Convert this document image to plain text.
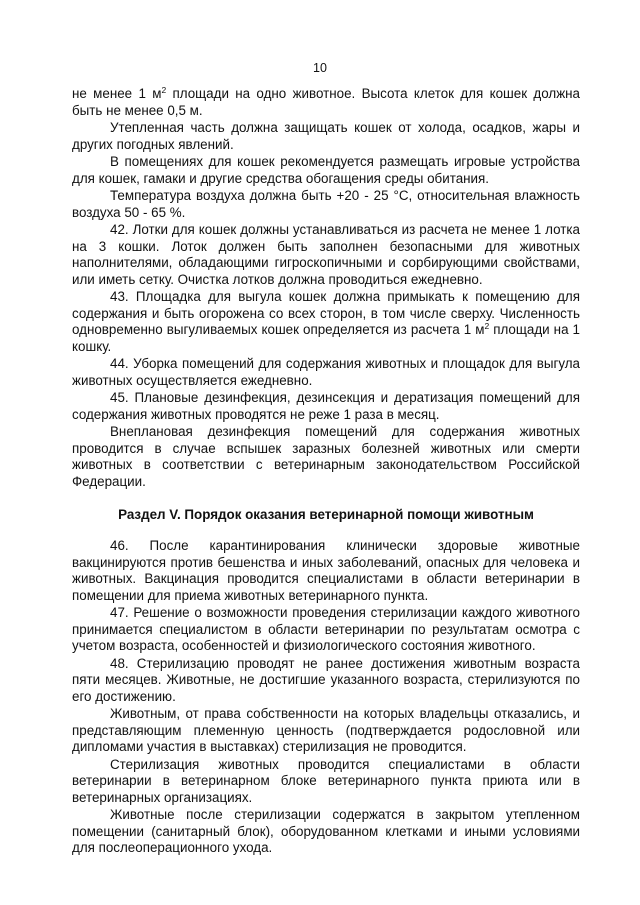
10

не менее 1 $м^2$ площади на одно животное. Высота клеток для кошек должна быть не менее 0,5 м.

Утепленная часть должна защищать кошек от холода, осадков, жары и других погодных явлений.

В помещениях для кошек рекомендуется размещать игровые устройства для кошек, гамаки и другие средства обогащения среды обитания.

Температура воздуха должна быть +20 - 25 °С, относительная влажность воздуха 50 - 65 %.

42. Лотки для кошек должны устанавливаться из расчета не менее 1 лотка на 3 кошки. Лоток должен быть заполнен безопасными для животных наполнителями, обладающими гигроскопичными и сорбирующими свойствами, или иметь сетку. Очистка лотков должна проводиться ежедневно.

43. Площадка для выгула кошек должна примыкать к помещению для содержания и быть огорожена со всех сторон, в том числе сверху. Численность одновременно выгуливаемых кошек определяется из расчета 1 $м^2$ площади на 1 кошку.

44. Уборка помещений для содержания животных и площадок для выгула животных осуществляется ежедневно.

45. Плановые дезинфекция, дезинсекция и дератизация помещений для содержания животных проводятся не реже 1 раза в месяц.

Внеплановая дезинфекция помещений для содержания животных проводится в случае вспышек заразных болезней животных или смерти животных в соответствии с ветеринарным законодательством Российской Федерации.

Раздел V. Порядок оказания ветеринарной помощи животным

46. После карантинирования клинически здоровые животные вакцинируются против бешенства и иных заболеваний, опасных для человека и животных. Вакцинация проводится специалистами в области ветеринарии в помещении для приема животных ветеринарного пункта.

47. Решение о возможности проведения стерилизации каждого животного принимается специалистом в области ветеринарии по результатам осмотра с учетом возраста, особенностей и физиологического состояния животного.

48. Стерилизацию проводят не ранее достижения животным возраста пяти месяцев. Животные, не достигшие указанного возраста, стерилизуются по его достижению.

Животным, от права собственности на которых владельцы отказались, и представляющим племенную ценность (подтверждается родословной или дипломами участия в выставках) стерилизация не проводится.

Стерилизация животных проводится специалистами в области ветеринарии в ветеринарном блоке ветеринарного пункта приюта или в ветеринарных организациях.

Животные после стерилизации содержатся в закрытом утепленном помещении (санитарный блок), оборудованном клетками и иными условиями для послеоперационного ухода.
